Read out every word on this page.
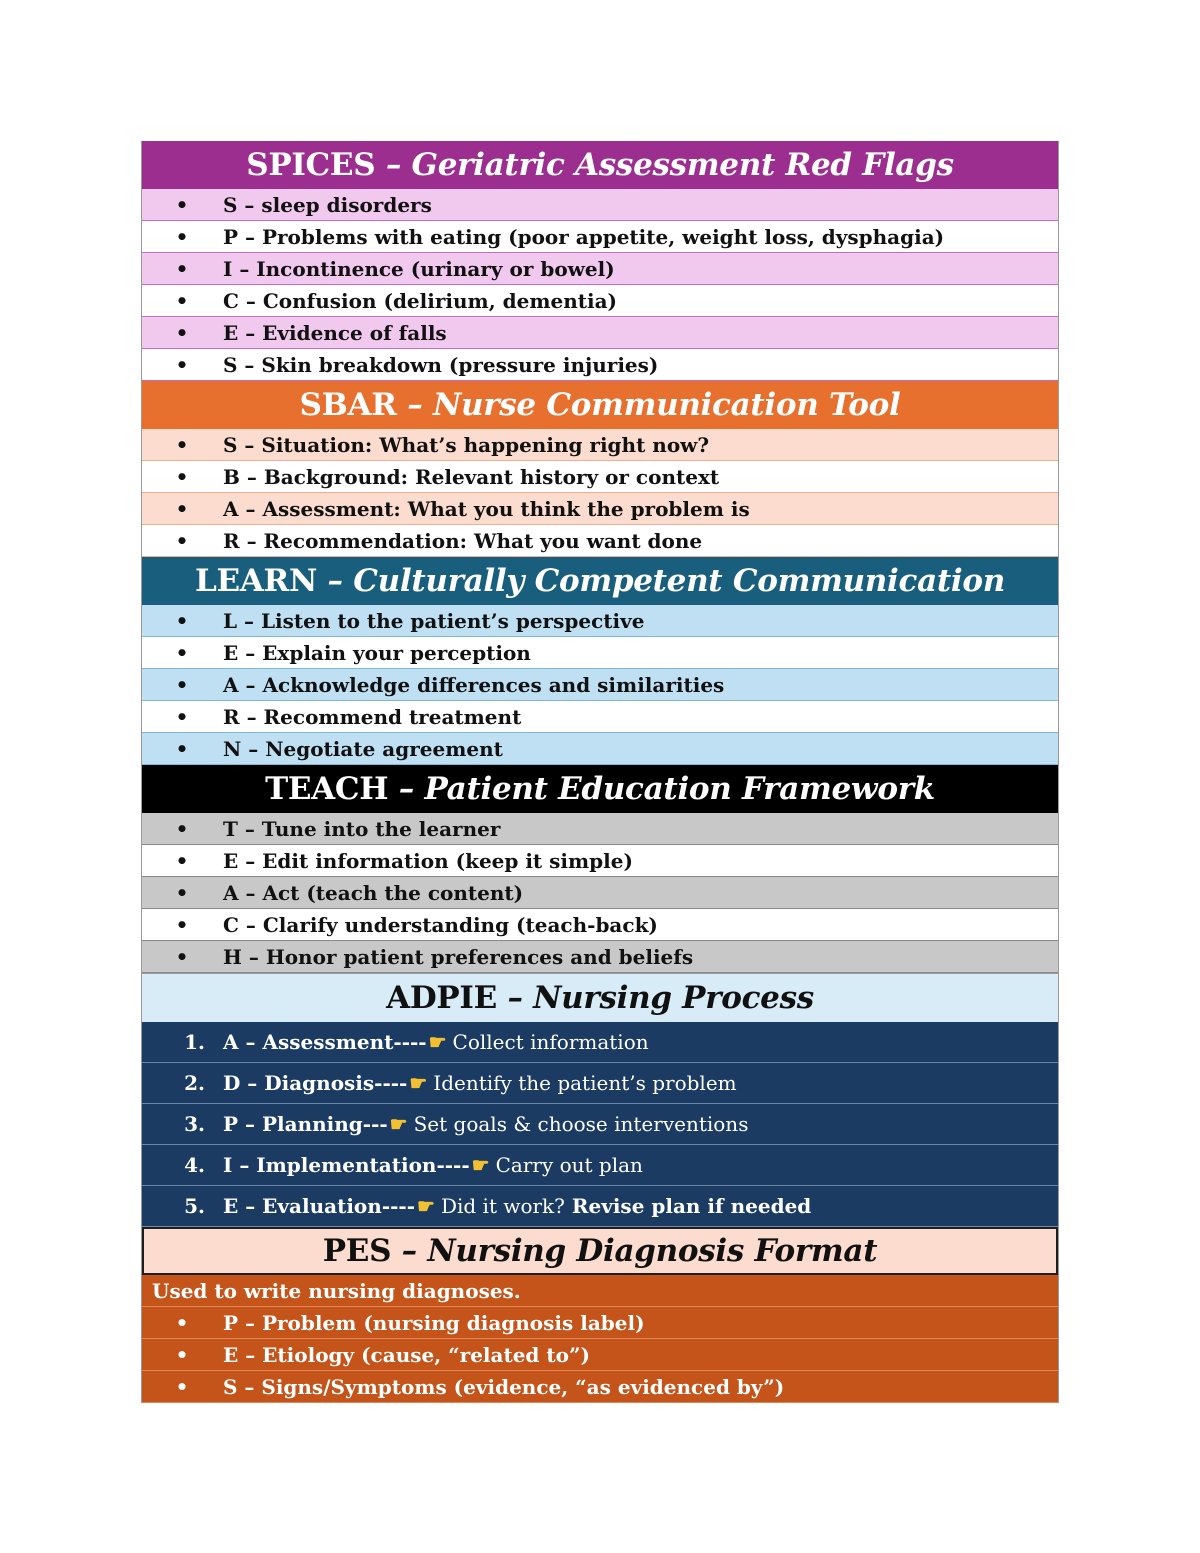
SPICES – Geriatric Assessment Red Flags
•	S – sleep disorders
•	P – Problems with eating (poor appetite, weight loss, dysphagia)
•	I – Incontinence (urinary or bowel)
•	C – Confusion (delirium, dementia)
•	E – Evidence of falls
•	S – Skin breakdown (pressure injuries)
SBAR – Nurse Communication Tool
•	S – Situation: What’s happening right now?
•	B – Background: Relevant history or context
•	A – Assessment: What you think the problem is
•	R – Recommendation: What you want done
LEARN – Culturally Competent Communication
•	L – Listen to the patient’s perspective
•	E – Explain your perception
•	A – Acknowledge differences and similarities
•	R – Recommend treatment
•	N – Negotiate agreement
TEACH – Patient Education Framework
•	T – Tune into the learner
•	E – Edit information (keep it simple)
•	A – Act (teach the content)
•	C – Clarify understanding (teach-back)
•	H – Honor patient preferences and beliefs
ADPIE – Nursing Process
1. A – Assessment ---- ☛ Collect information
2. D – Diagnosis ---- ☛ Identify the patient’s problem
3. P – Planning --- ☛ Set goals & choose interventions
4. I – Implementation ---- ☛ Carry out plan
5. E – Evaluation ---- ☛ Did it work? Revise plan if needed
PES – Nursing Diagnosis Format
Used to write nursing diagnoses.
•	P – Problem (nursing diagnosis label)
•	E – Etiology (cause, “related to”)
•	S – Signs/Symptoms (evidence, “as evidenced by”)
